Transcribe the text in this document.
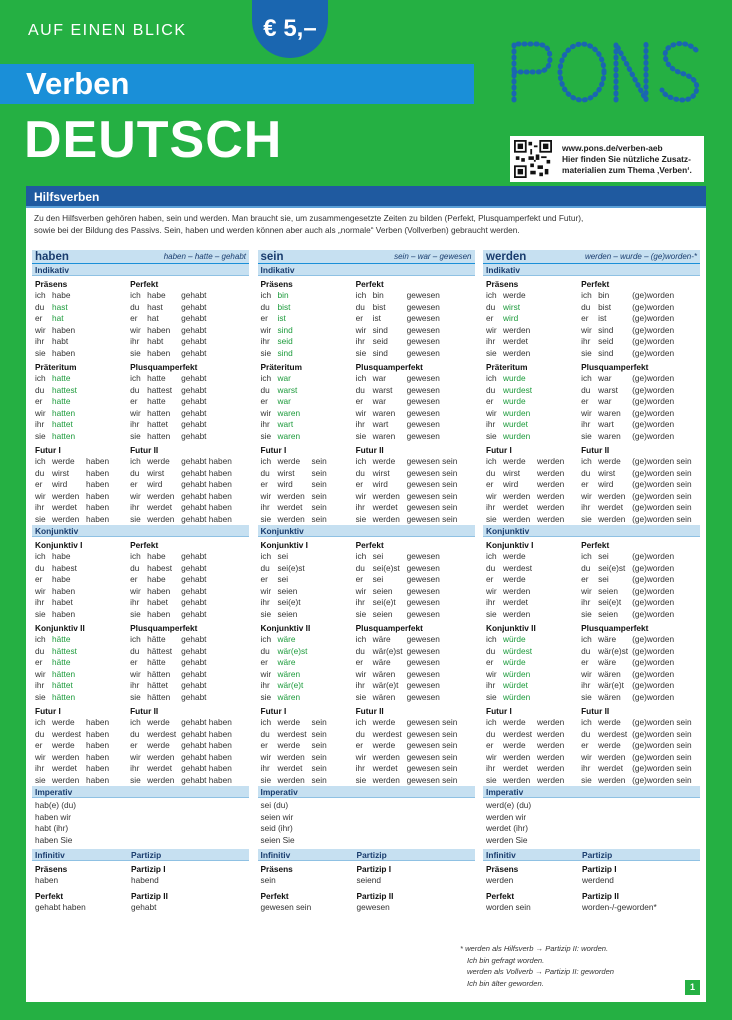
AUF EINEN BLICK	€ 5,–
Verben
DEUTSCH	www.pons.de/verben-aeb
Hier finden Sie nützliche Zusatz-
materialien zum Thema ‚Verben‘.
Hilfsverben
Zu den Hilfsverben gehören haben, sein und werden. Man braucht sie, um zusammengesetzte Zeiten zu bilden (Perfekt, Plusquamperfekt und Futur),
sowie bei der Bildung des Passivs. Sein, haben und werden können aber auch als „normale“ Verben (Vollverben) gebraucht werden.
haben	haben – hatte – gehabt
Indikativ
Präsens
ich habe
du hast
er	hat
wir haben
ihr habt
sie haben
Perfekt
ich habe	gehabt
du hast	gehabt
er	hat	gehabt
wir haben	gehabt
ihr habt	gehabt
sie haben	gehabt
Präteritum
ich hatte
du hattest
er	hatte
wir hatten
ihr hattet
sie hatten
Plusquamperfekt
ich hatte	gehabt
du hattest	gehabt
er	hatte	gehabt
wir hatten	gehabt
ihr hattet	gehabt
sie hatten	gehabt
Futur I
ich werde	haben
du wirst	haben
er	wird	haben
wir werden haben
ihr werdet	haben
sie werden haben
Futur II
ich werde	gehabt haben
du wirst	gehabt haben
er	wird	gehabt haben
wir werden gehabt haben
ihr werdet	gehabt haben
sie werden gehabt haben
Konjunktiv
Konjunktiv I
ich habe
du habest
er	habe
wir haben
ihr habet
sie haben
Perfekt
ich habe	gehabt
du habest	gehabt
er	habe	gehabt
wir haben	gehabt
ihr habet	gehabt
sie haben	gehabt
Konjunktiv II
ich hätte
du hättest
er	hätte
wir hätten
ihr hättet
sie hätten
Plusquamperfekt
ich hätte	gehabt
du hättest	gehabt
er	hätte	gehabt
wir hätten	gehabt
ihr hättet	gehabt
sie hätten	gehabt
Futur I
ich werde	haben
du werdest haben
er	werde	haben
wir werden haben
ihr werdet	haben
sie werden haben
Futur II
ich werde	gehabt haben
du werdest gehabt haben
er	werde	gehabt haben
wir werden gehabt haben
ihr werdet	gehabt haben
sie werden gehabt haben
Imperativ
hab(e) (du)
haben wir
habt (ihr)
haben Sie
Infinitiv	Partizip
Präsens
haben
Perfekt
gehabt haben
Partizip I
habend
Partizip II
gehabt
sein	sein – war – gewesen
Indikativ
Präsens
ich bin
du bist
er	ist
wir sind
ihr seid
sie sind
Perfekt
ich bin	gewesen
du bist	gewesen
er	ist	gewesen
wir sind	gewesen
ihr seid	gewesen
sie sind	gewesen
Präteritum
ich war
du warst
er	war
wir waren
ihr wart
sie waren
Plusquamperfekt
ich war	gewesen
du warst	gewesen
er	war	gewesen
wir waren	gewesen
ihr wart	gewesen
sie waren	gewesen
Futur I
ich werde	sein
du wirst	sein
er	wird	sein
wir werden sein
ihr werdet	sein
sie werden sein
Futur II
ich werde	gewesen sein
du wirst	gewesen sein
er	wird	gewesen sein
wir werden gewesen sein
ihr werdet	gewesen sein
sie werden gewesen sein
Konjunktiv
Konjunktiv I
ich sei
du sei(e)st
er	sei
wir seien
ihr sei(e)t
sie seien
Perfekt
ich sei	gewesen
du sei(e)st gewesen
er	sei	gewesen
wir seien	gewesen
ihr sei(e)t	gewesen
sie seien	gewesen
Konjunktiv II
ich wäre
du wär(e)st
er	wäre
wir wären
ihr wär(e)t
sie wären
Plusquamperfekt
ich wäre	gewesen
du wär(e)st gewesen
er	wäre	gewesen
wir wären	gewesen
ihr wär(e)t gewesen
sie wären	gewesen
Futur I
ich werde	sein
du werdest sein
er	werde	sein
wir werden sein
ihr werdet	sein
sie werden sein
Futur II
ich werde	gewesen sein
du werdest gewesen sein
er	werde	gewesen sein
wir werden gewesen sein
ihr werdet	gewesen sein
sie werden gewesen sein
Imperativ
sei (du)
seien wir
seid (ihr)
seien Sie
Infinitiv	Partizip
Präsens
sein
Perfekt
gewesen sein
Partizip I
seiend
Partizip II
gewesen
werden	werden – wurde – (ge)worden-*
Indikativ
Präsens
ich werde
du wirst
er	wird
wir werden
ihr werdet
sie werden
Perfekt
ich bin	(ge)worden
du bist	(ge)worden
er	ist	(ge)worden
wir sind	(ge)worden
ihr seid	(ge)worden
sie sind	(ge)worden
Präteritum
ich wurde
du wurdest
er	wurde
wir wurden
ihr wurdet
sie wurden
Plusquamperfekt
ich war	(ge)worden
du warst	(ge)worden
er	war	(ge)worden
wir waren	(ge)worden
ihr wart	(ge)worden
sie waren	(ge)worden
Futur I
ich werde	werden
du wirst	werden
er	wird	werden
wir werden werden
ihr werdet	werden
sie werden werden
Futur II
ich werde	(ge)worden sein
du wirst	(ge)worden sein
er	wird	(ge)worden sein
wir werden (ge)worden sein
ihr werdet	(ge)worden sein
sie werden (ge)worden sein
Konjunktiv
Konjunktiv I
ich werde
du werdest
er	werde
wir werden
ihr werdet
sie werden
Perfekt
ich sei	(ge)worden
du sei(e)st (ge)worden
er	sei	(ge)worden
wir seien	(ge)worden
ihr sei(e)t	(ge)worden
sie seien	(ge)worden
Konjunktiv II
ich würde
du würdest
er	würde
wir würden
ihr würdet
sie würden
Plusquamperfekt
ich wäre	(ge)worden
du wär(e)st (ge)worden
er	wäre	(ge)worden
wir wären	(ge)worden
ihr wär(e)t (ge)worden
sie wären	(ge)worden
Futur I
ich werde	werden
du werdest werden
er	werde	werden
wir werden werden
ihr werdet	werden
sie werden werden
Futur II
ich werde	(ge)worden sein
du werdest (ge)worden sein
er	werde	(ge)worden sein
wir werden (ge)worden sein
ihr werdet	(ge)worden sein
sie werden (ge)worden sein
Imperativ
werd(e) (du)
werden wir
werdet (ihr)
werden Sie
Infinitiv	Partizip
Präsens
werden
Perfekt
worden sein
Partizip I
werdend
Partizip II
worden-/-geworden*
* werden als Hilfsverb → Partizip II: worden.
Ich bin gefragt worden.
werden als Vollverb → Partizip II: geworden
Ich bin älter geworden.	1
